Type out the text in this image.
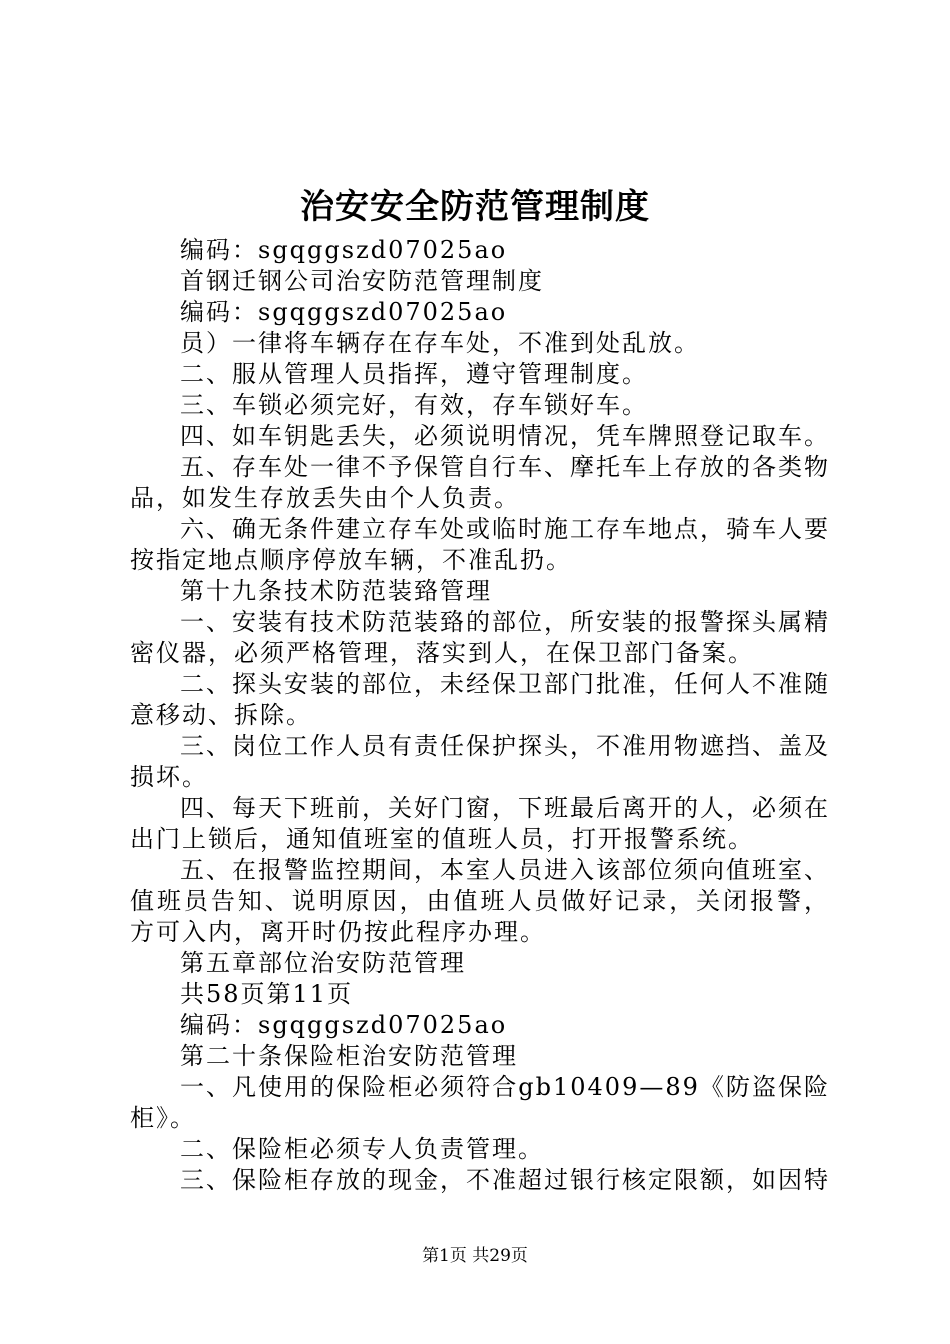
治安安全防范管理制度

编码：sgqggszd07025ao

首钢迁钢公司治安防范管理制度

编码：sgqggszd07025ao

员）一律将车辆存在存车处，不准到处乱放。

二、服从管理人员指挥，遵守管理制度。

三、车锁必须完好，有效，存车锁好车。

四、如车钥匙丢失，必须说明情况，凭车牌照登记取车。

五、存车处一律不予保管自行车、摩托车上存放的各类物品，如发生存放丢失由个人负责。

六、确无条件建立存车处或临时施工存车地点，骑车人要按指定地点顺序停放车辆，不准乱扔。

第十九条技术防范装臵管理

一、安装有技术防范装臵的部位，所安装的报警探头属精密仪器，必须严格管理，落实到人，在保卫部门备案。

二、探头安装的部位，未经保卫部门批准，任何人不准随意移动、拆除。

三、岗位工作人员有责任保护探头，不准用物遮挡、盖及损坏。

四、每天下班前，关好门窗，下班最后离开的人，必须在出门上锁后，通知值班室的值班人员，打开报警系统。

五、在报警监控期间，本室人员进入该部位须向值班室、值班员告知、说明原因，由值班人员做好记录，关闭报警，方可入内，离开时仍按此程序办理。

第五章部位治安防范管理

共58页第11页

编码：sgqggszd07025ao

第二十条保险柜治安防范管理

一、凡使用的保险柜必须符合gb10409—89《防盗保险柜》。

二、保险柜必须专人负责管理。

三、保险柜存放的现金，不准超过银行核定限额，如因特

第1页 共29页
